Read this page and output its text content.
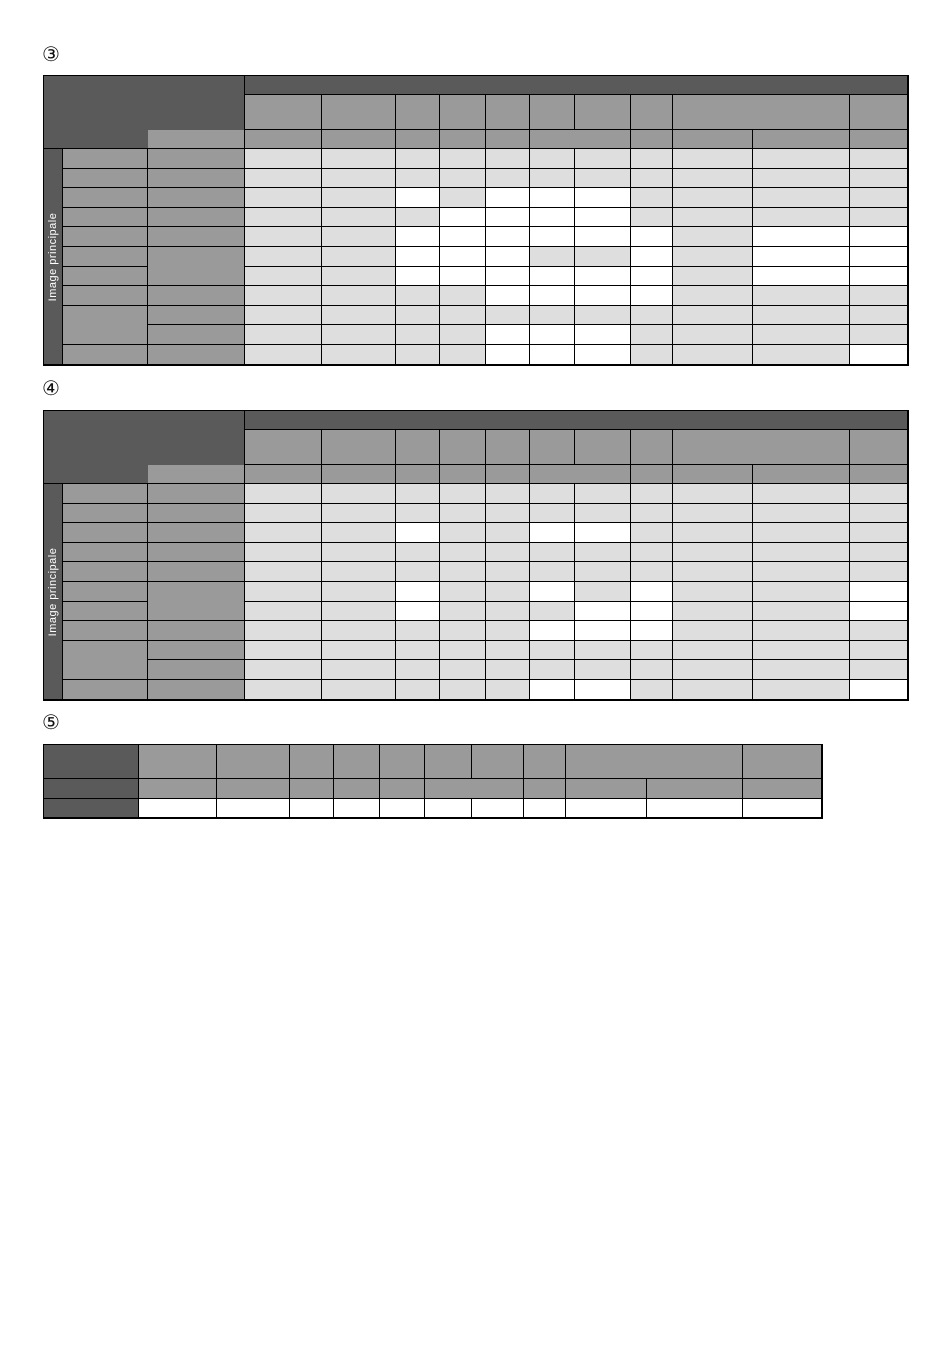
③
④
⑤
Image principale
Image principale
